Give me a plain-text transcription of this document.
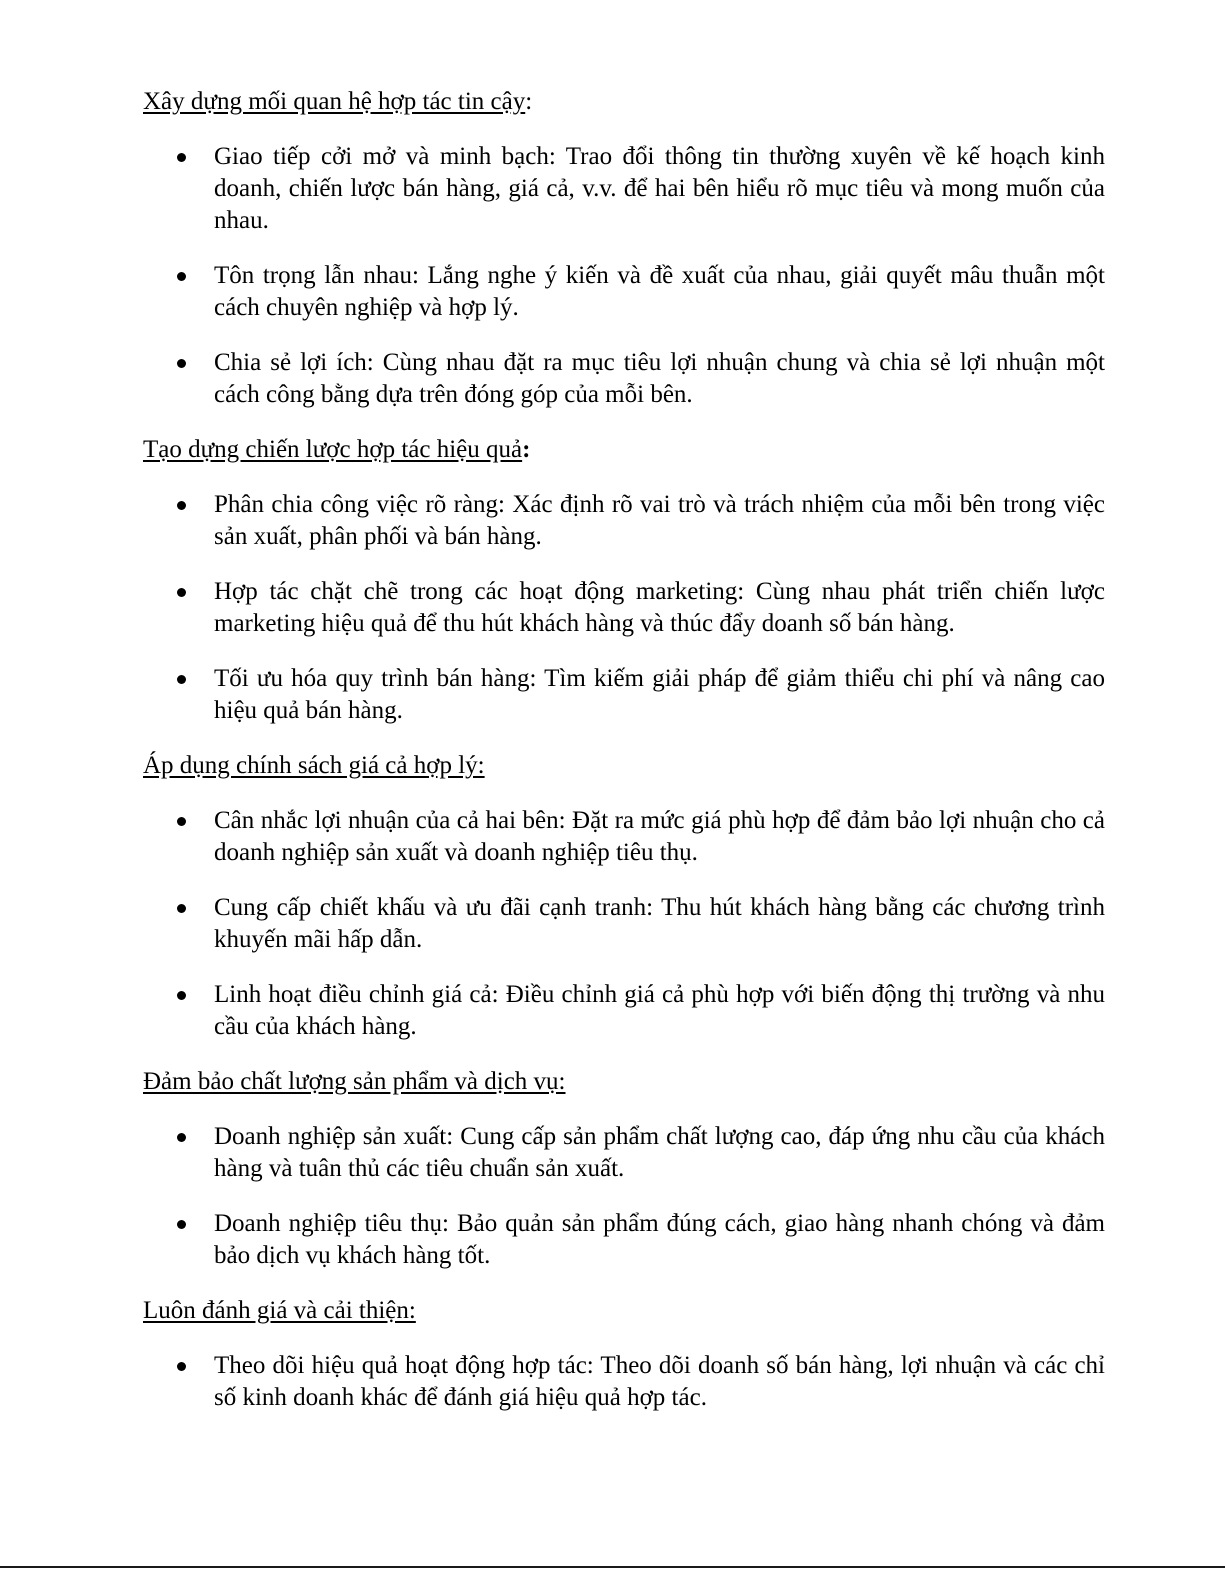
Xây dựng mối quan hệ hợp tác tin cậy:
Giao tiếp cởi mở và minh bạch: Trao đổi thông tin thường xuyên về kế hoạch kinh doanh, chiến lược bán hàng, giá cả, v.v. để hai bên hiểu rõ mục tiêu và mong muốn của nhau.
Tôn trọng lẫn nhau: Lắng nghe ý kiến và đề xuất của nhau, giải quyết mâu thuẫn một cách chuyên nghiệp và hợp lý.
Chia sẻ lợi ích: Cùng nhau đặt ra mục tiêu lợi nhuận chung và chia sẻ lợi nhuận một cách công bằng dựa trên đóng góp của mỗi bên.
Tạo dựng chiến lược hợp tác hiệu quả:
Phân chia công việc rõ ràng: Xác định rõ vai trò và trách nhiệm của mỗi bên trong việc sản xuất, phân phối và bán hàng.
Hợp tác chặt chẽ trong các hoạt động marketing: Cùng nhau phát triển chiến lược marketing hiệu quả để thu hút khách hàng và thúc đẩy doanh số bán hàng.
Tối ưu hóa quy trình bán hàng: Tìm kiếm giải pháp để giảm thiểu chi phí và nâng cao hiệu quả bán hàng.
Áp dụng chính sách giá cả hợp lý:
Cân nhắc lợi nhuận của cả hai bên: Đặt ra mức giá phù hợp để đảm bảo lợi nhuận cho cả doanh nghiệp sản xuất và doanh nghiệp tiêu thụ.
Cung cấp chiết khấu và ưu đãi cạnh tranh: Thu hút khách hàng bằng các chương trình khuyến mãi hấp dẫn.
Linh hoạt điều chỉnh giá cả: Điều chỉnh giá cả phù hợp với biến động thị trường và nhu cầu của khách hàng.
Đảm bảo chất lượng sản phẩm và dịch vụ:
Doanh nghiệp sản xuất: Cung cấp sản phẩm chất lượng cao, đáp ứng nhu cầu của khách hàng và tuân thủ các tiêu chuẩn sản xuất.
Doanh nghiệp tiêu thụ: Bảo quản sản phẩm đúng cách, giao hàng nhanh chóng và đảm bảo dịch vụ khách hàng tốt.
Luôn đánh giá và cải thiện:
Theo dõi hiệu quả hoạt động hợp tác: Theo dõi doanh số bán hàng, lợi nhuận và các chỉ số kinh doanh khác để đánh giá hiệu quả hợp tác.
